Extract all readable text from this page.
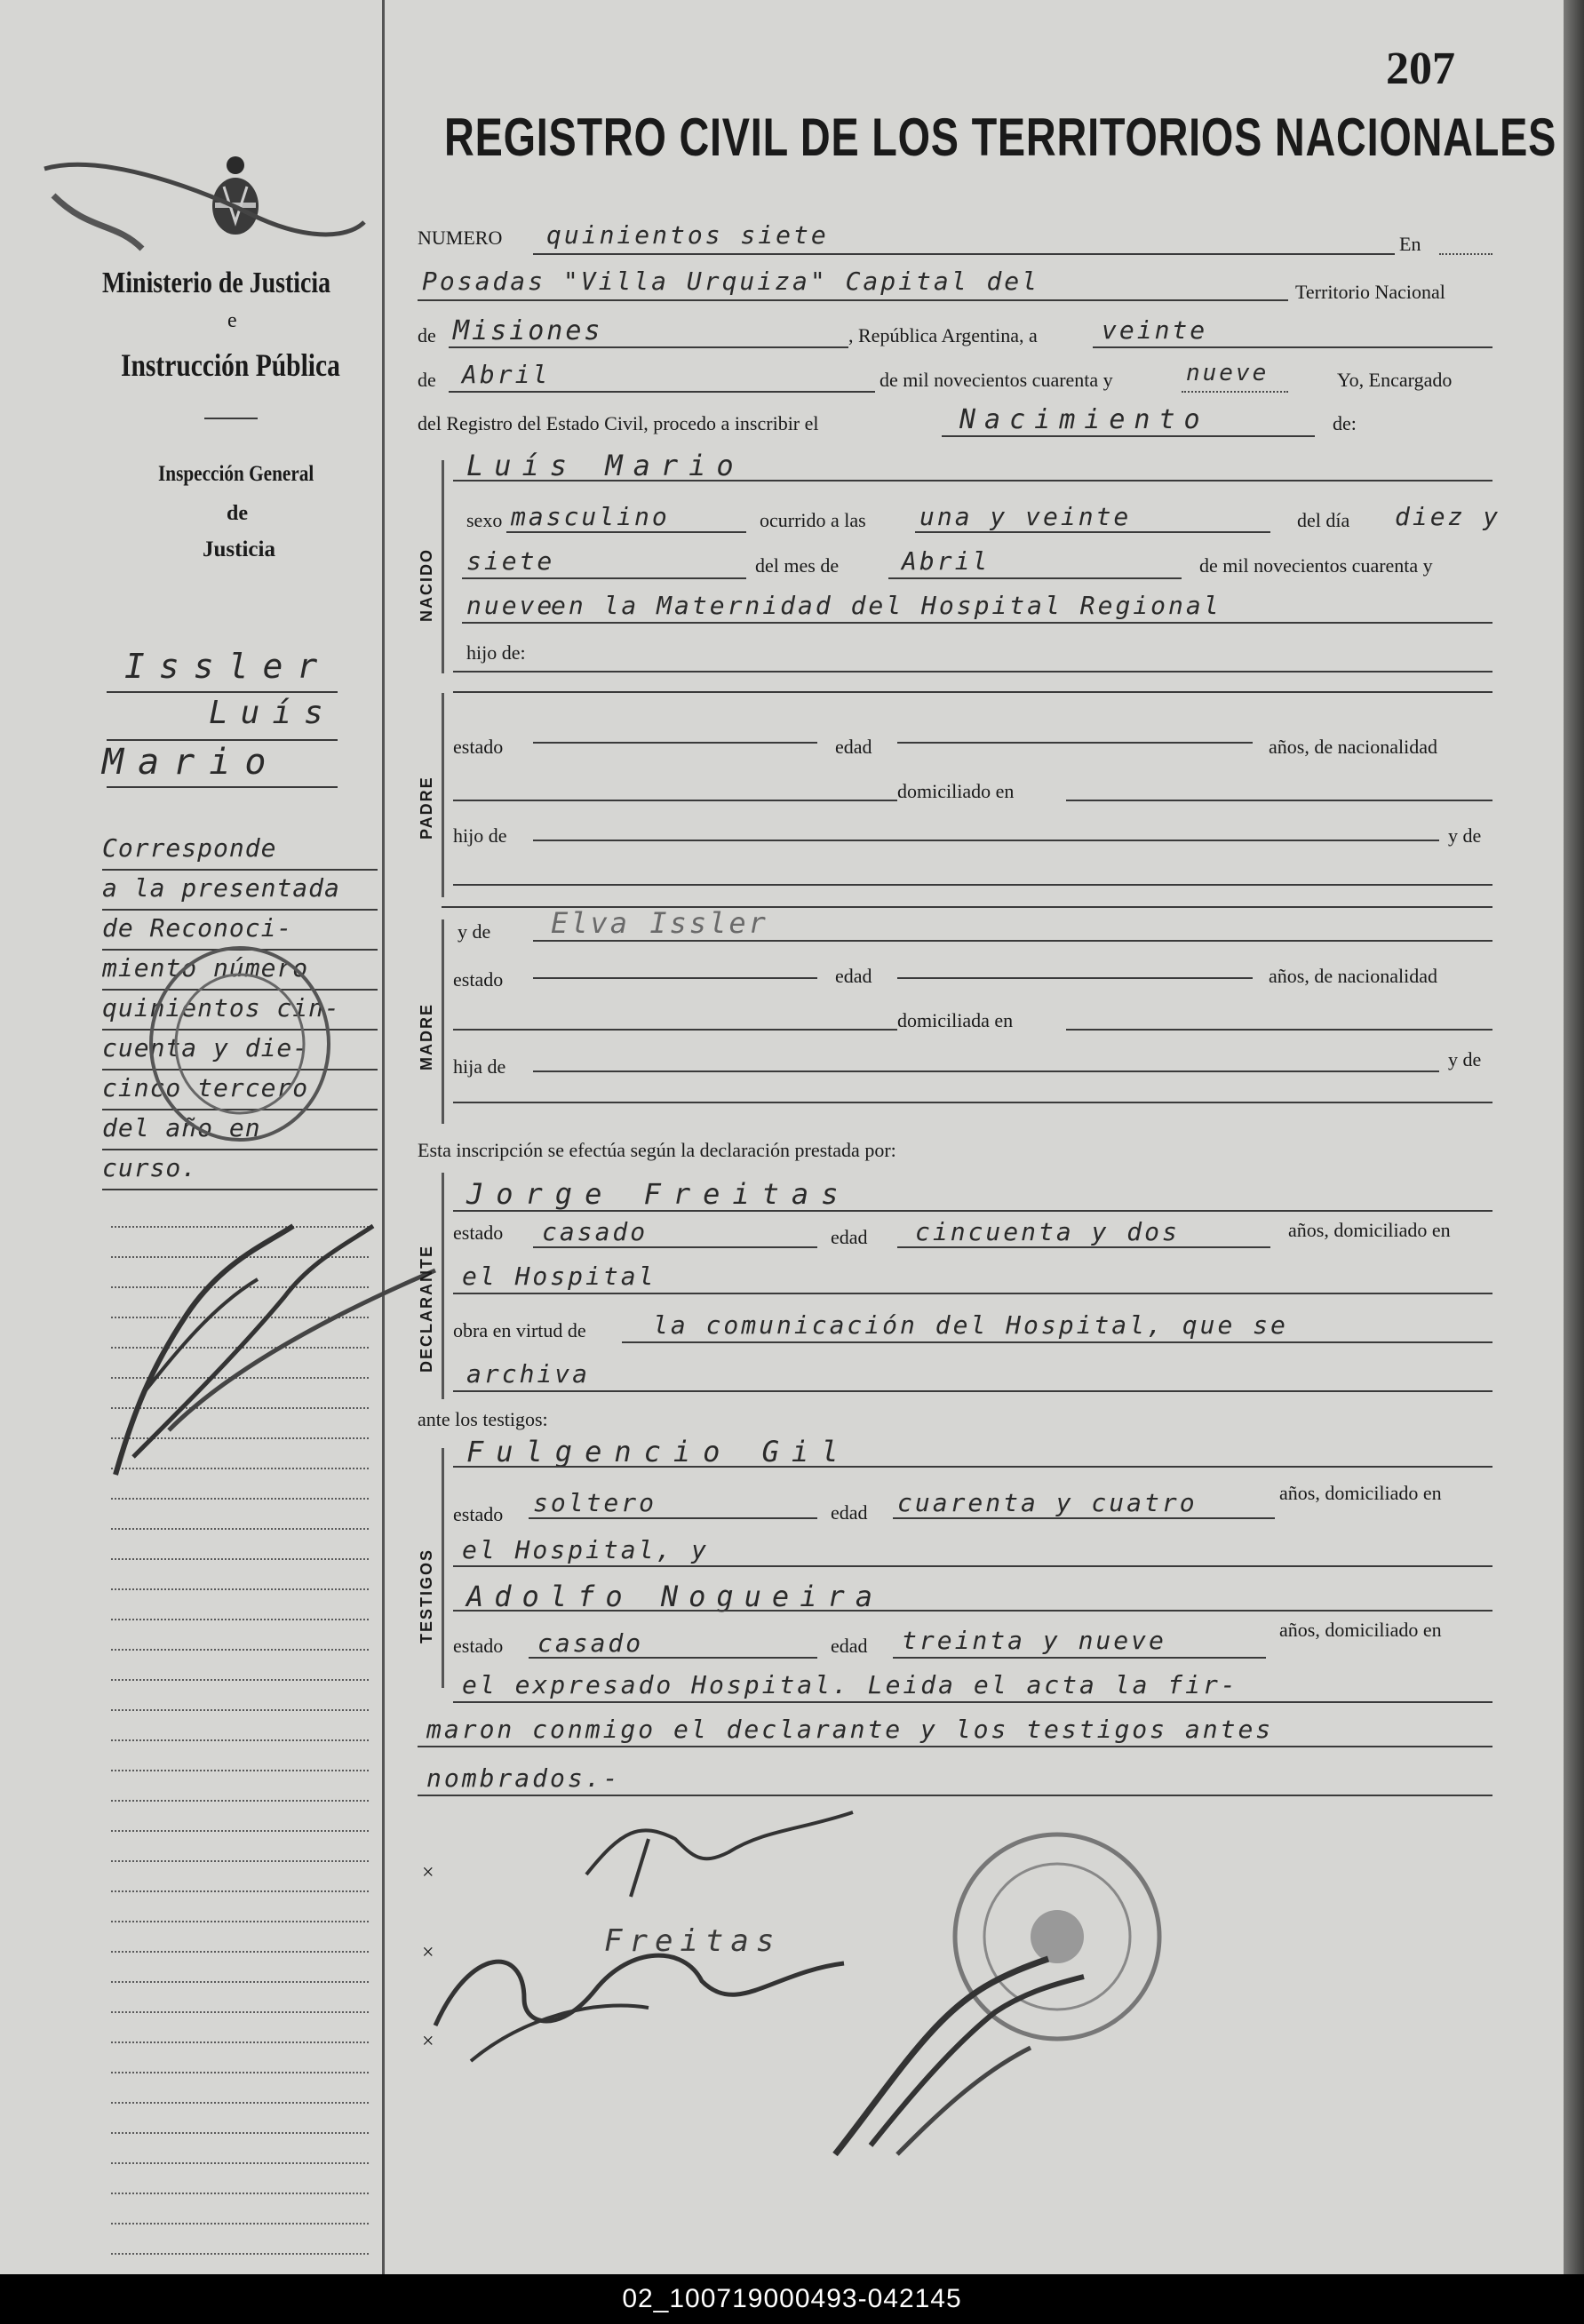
207
REGISTRO CIVIL DE LOS TERRITORIOS NACIONALES
Ministerio de Justicia
e
Instrucción Pública
Inspección General
de
Justicia
Issler
Luís
Mario
Corresponde
a la presentada
de Reconoci-
miento número
quinientos cin-
cuenta y die-
cinco tercero
del año en
curso.
NUMERO quinientos siete	En
Posadas "Villa Urquiza" Capital del	Territorio Nacional
de Misiones	, República Argentina, a	veinte
de Abril	de mil novecientos cuarenta y	nueve	Yo, Encargado
del Registro del Estado Civil, procedo a inscribir el	Nacimiento	de:
NACIDO
Luís Mario
sexo masculino	ocurrido a las una y veinte	del día diez y
siete	del mes de	Abril	de mil novecientos cuarenta y
nueve
en la Maternidad del Hospital Regional
hijo de:
PADRE
estado	edad	años, de nacionalidad
domiciliado en
hijo de	y de
MADRE
y de Elva Issler
estado	edad	años, de nacionalidad
domiciliada en
hija de	y de
Esta inscripción se efectúa según la declaración prestada por:
DECLARANTE
Jorge Freitas
estado casado	edad cincuenta y dos	años, domiciliado en
el Hospital
obra en virtud de	la comunicación del Hospital, que se
archiva
ante los testigos:
TESTIGOS
Fulgencio Gil
estado soltero	edad cuarenta y cuatro	años, domiciliado en
el Hospital, y
Adolfo Nogueira
estado casado	edad treinta y nueve	años, domiciliado en
el expresado Hospital. Leida el acta la fir-
maron conmigo el declarante y los testigos antes
nombrados.-
×
×
×
Freitas
02_100719000493-042145
